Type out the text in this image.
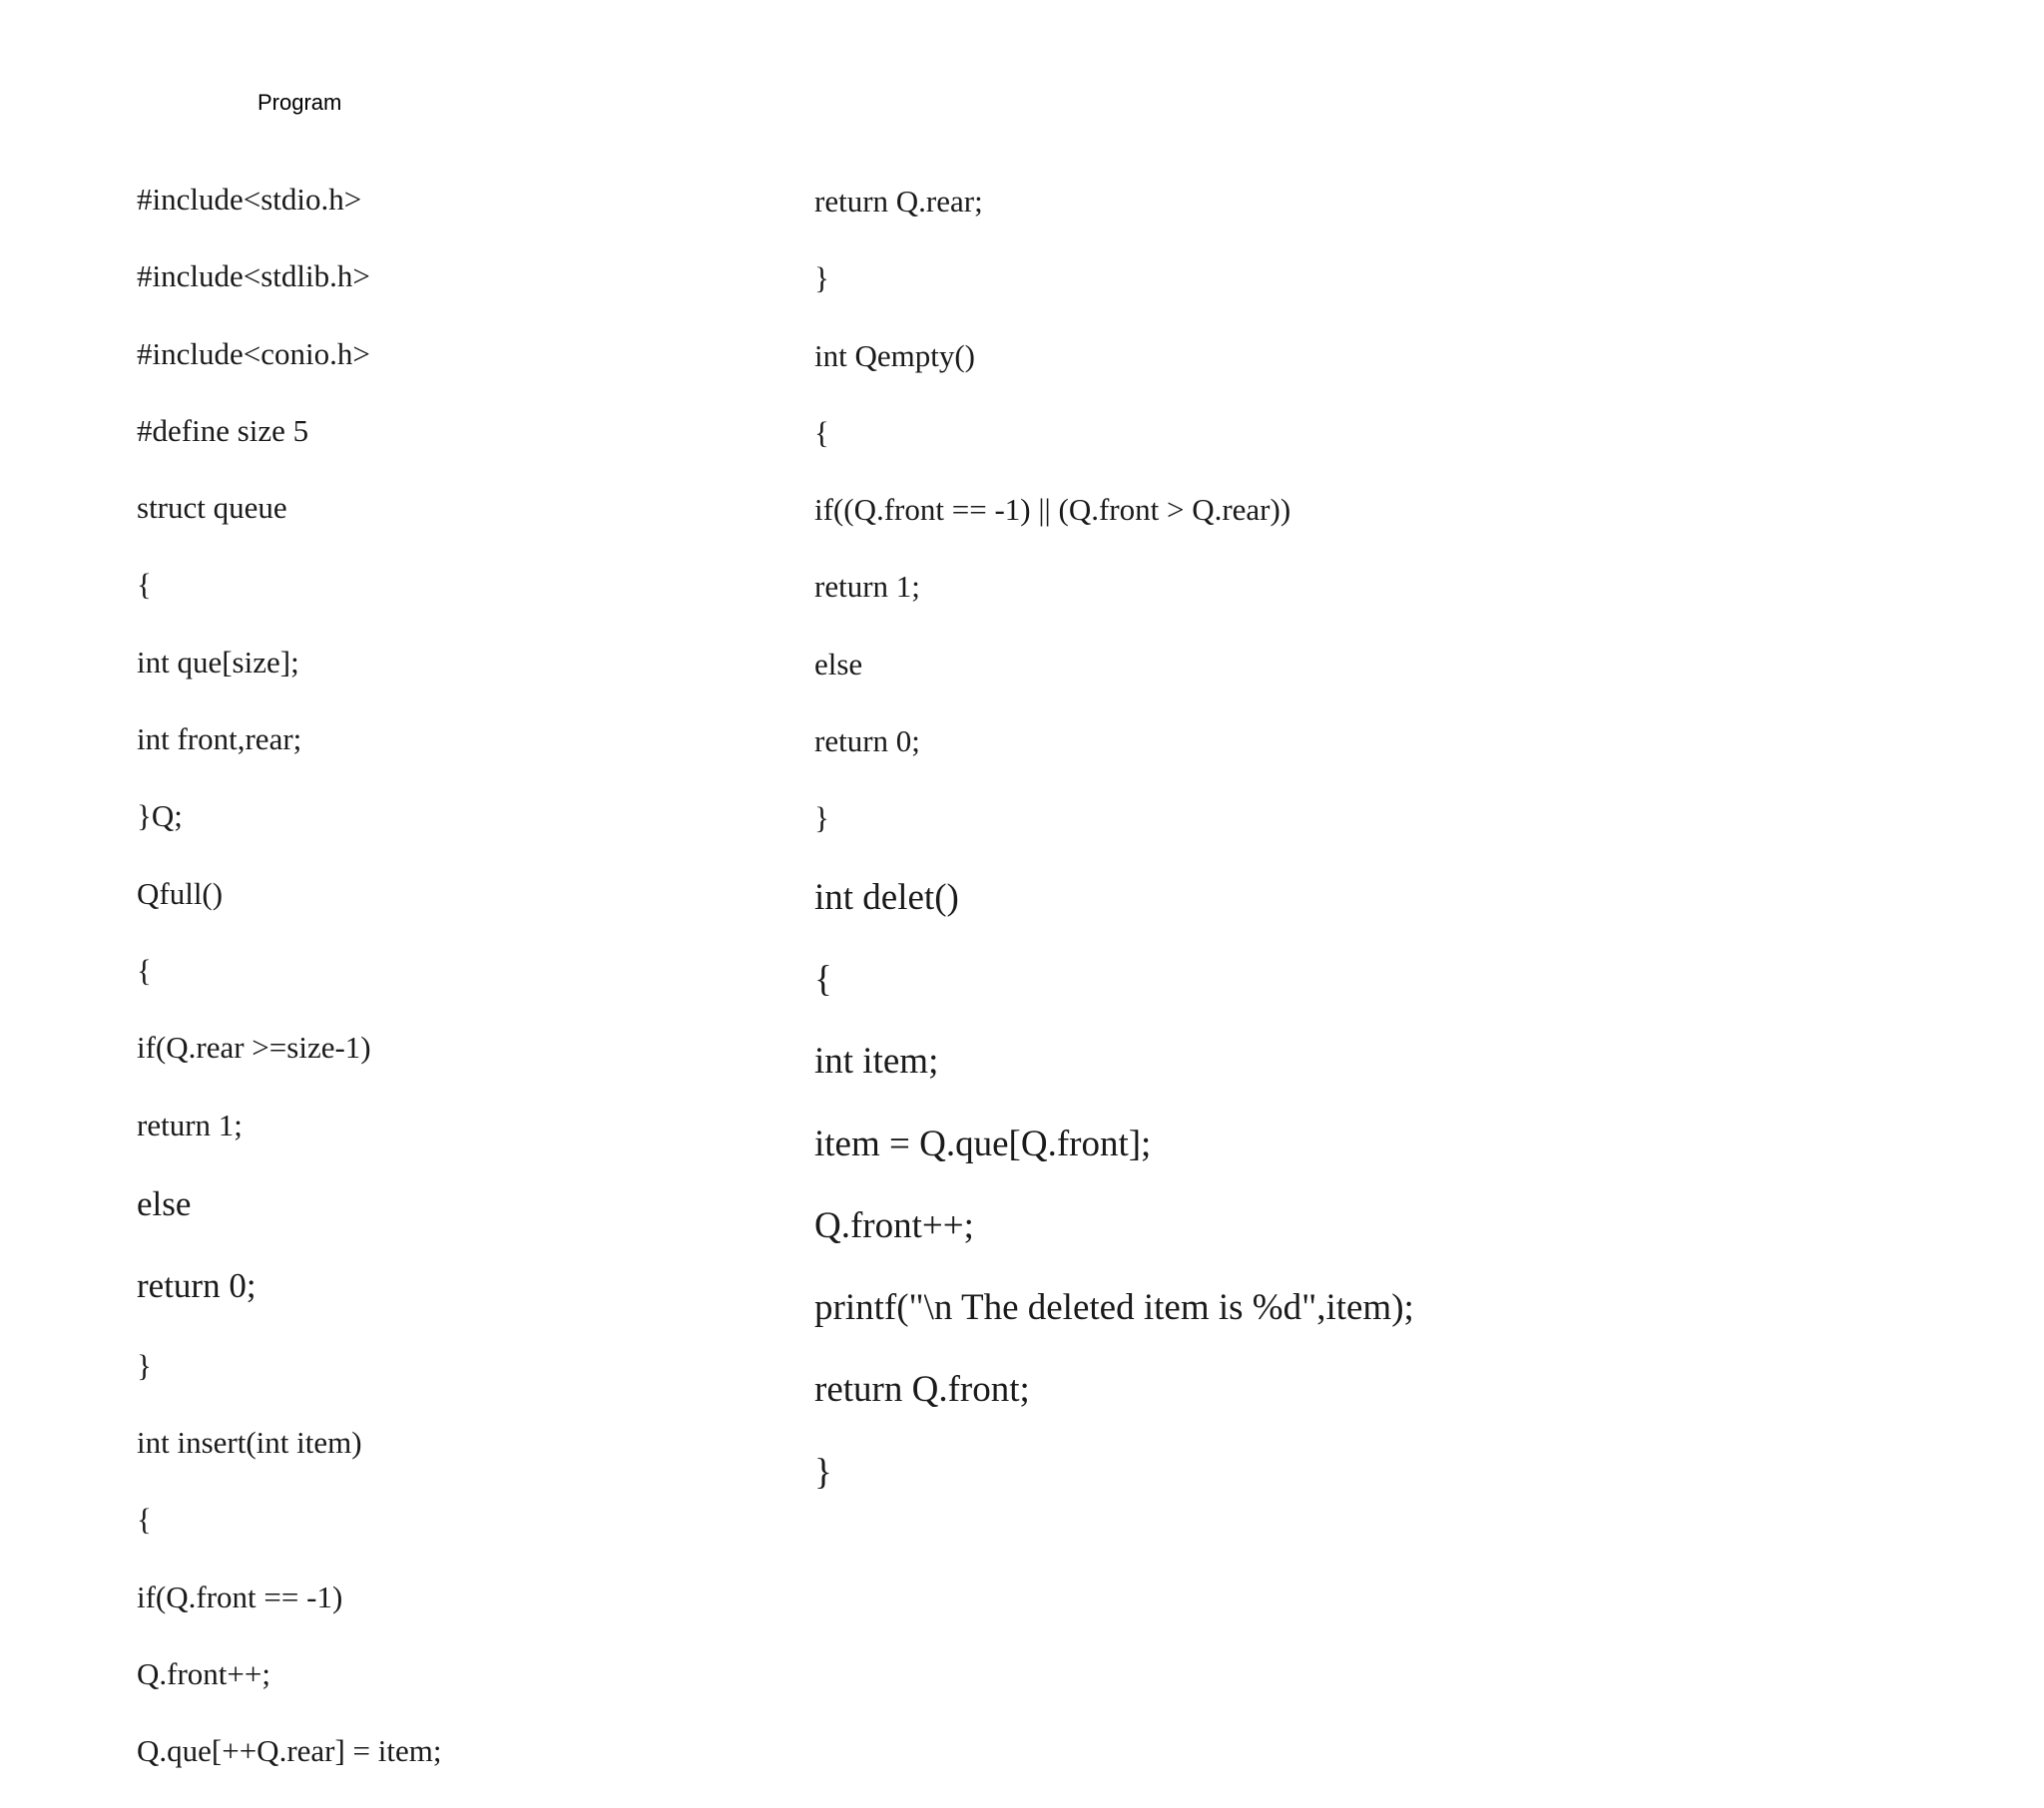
Program

#include<stdio.h>

#include<stdlib.h>

#include<conio.h>

#define size 5

struct queue

{

int que[size];

int front,rear;

}Q;

Qfull()

{

if(Q.rear >=size-1)

return 1;

else

return 0;

}

int insert(int item)

{

if(Q.front == -1)

Q.front++;

Q.que[++Q.rear] = item;

return Q.rear;

}

int Qempty()

{

if((Q.front == -1) || (Q.front > Q.rear))

return 1;

else

return 0;

}

int delet()

{

int item;

item = Q.que[Q.front];

Q.front++;

printf("\n The deleted item is %d",item);

return Q.front;

}
